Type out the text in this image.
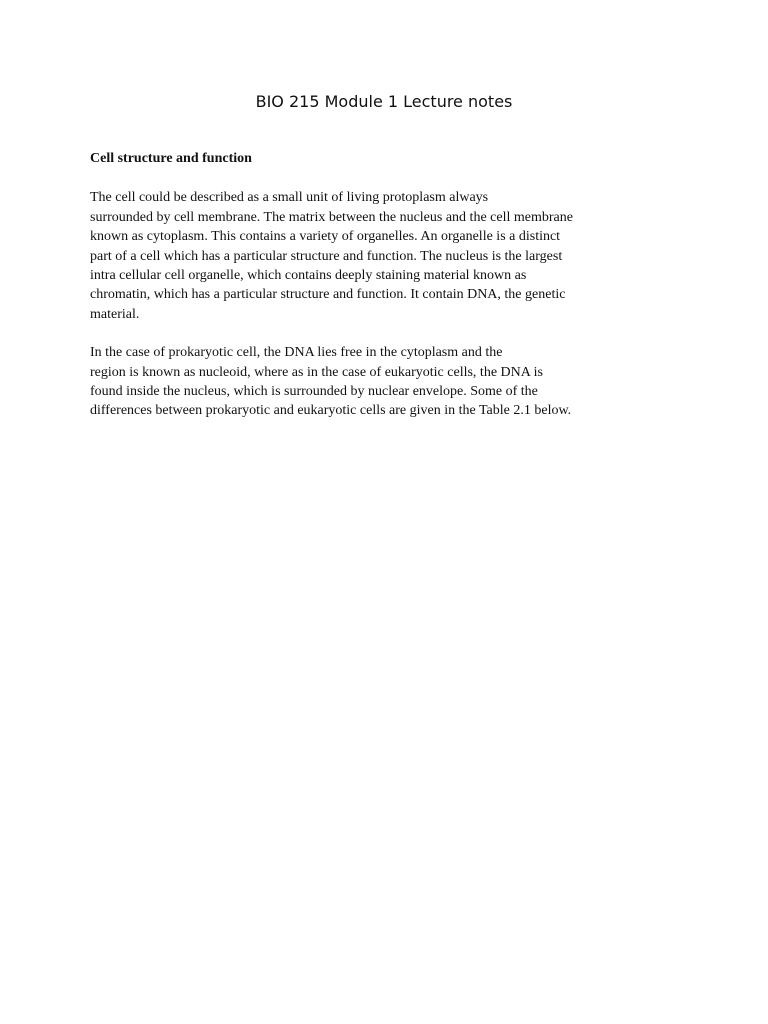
BIO 215 Module 1 Lecture notes

Cell structure and function

The cell could be described as a small unit of living protoplasm always
surrounded by cell membrane. The matrix between the nucleus and the cell membrane
known as cytoplasm. This contains a variety of organelles. An organelle is a distinct
part of a cell which has a particular structure and function. The nucleus is the largest
intra cellular cell organelle, which contains deeply staining material known as
chromatin, which has a particular structure and function. It contain DNA, the genetic
material.

In the case of prokaryotic cell, the DNA lies free in the cytoplasm and the
region is known as nucleoid, where as in the case of eukaryotic cells, the DNA is
found inside the nucleus, which is surrounded by nuclear envelope. Some of the
differences between prokaryotic and eukaryotic cells are given in the Table 2.1 below.
